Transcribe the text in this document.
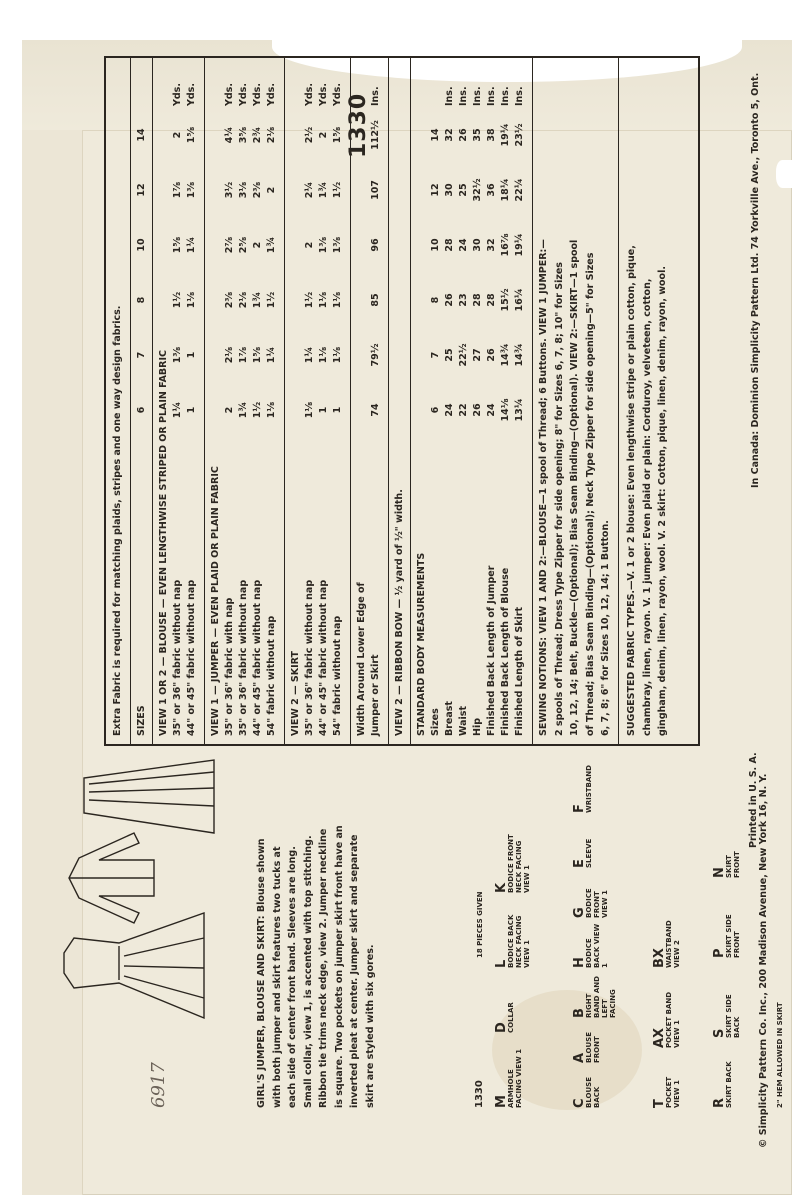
1330
6917	GIRL'S JUMPER, BLOUSE AND SKIRT: Blouse shown with both jumper and skirt features two tucks at each side of center front band. Sleeves are long. Small collar, view 1, is accented with top stitching. Ribbon tie trims neck edge, view 2. Jumper neckline is square. Two pockets on jumper skirt front have an inverted pleat at center. Jumper skirt and separate skirt are styled with six gores.
18 PIECES GIVEN
1330 M
ARMHOLE FACING VIEW 1
D
COLLAR
L
BODICE BACK NECK FACING VIEW 1
K
BODICE FRONT NECK FACING VIEW 1
C
BLOUSE BACK
A
BLOUSE FRONT
B
RIGHT BAND AND LEFT FACING
H
BODICE BACK VIEW 1
G
BODICE FRONT VIEW 1
E
SLEEVE
F
WRISTBAND
T
POCKET VIEW 1
AX
POCKET BAND VIEW 1
BX
WAISTBAND VIEW 2
R
SKIRT BACK
S
SKIRT SIDE BACK
P
SKIRT SIDE FRONT
N
SKIRT FRONT
2" HEM ALLOWED IN SKIRT
Printed in U. S. A. © Simplicity Pattern Co. Inc., 200 Madison Avenue, New York 16, N. Y.
In Canada: Dominion Simplicity Pattern Ltd. 74 Yorkville Ave., Toronto 5, Ont.
Extra Fabric is required for matching plaids, stripes and one way design fabrics. SIZES
6
7
8
10
12
14
VIEW 1 OR 2 — BLOUSE — EVEN LENGTHWISE STRIPED OR PLAIN FABRIC 35" or 36" fabric without nap
1¼
1⅜
1½
1⅝
1⅞
2
Yds.
44" or 45" fabric without nap
1
1
1⅛
1¼
1⅜
1⅝
Yds.
VIEW 1 — JUMPER — EVEN PLAID OR PLAIN FABRIC 35" or 36" fabric with nap
2
2⅛
2⅜
2⅞
3½
4¼
Yds.
35" or 36" fabric without nap
1¾
1⅞
2⅛
2⅝
3⅛
3⅝
Yds.
44" or 45" fabric without nap
1½
1⅝
1¾
2
2⅜
2¾
Yds.
54" fabric without nap
1⅛
1¼
1½
1¾
2
2⅛
Yds.
VIEW 2 — SKIRT 35" or 36" fabric without nap
1⅛
1¼
1½
2
2¼
2½
Yds.
44" or 45" fabric without nap
1
1⅛
1⅛
1⅜
1¾
2
Yds.
54" fabric without nap
1
1⅛
1⅛
1⅜
1½
1⅝
Yds.
Width Around Lower Edge of Jumper or Skirt
74
79½
85
96
107
112½
Ins.
VIEW 2 — RIBBON BOW — ½ yard of ½" width. STANDARD BODY MEASUREMENTS Sizes
6
7
8
10
12
14
Breast
24
25
26
28
30
32
Ins.
Waist
22
22½
23
24
25
26
Ins.
Hip
26
27
28
30
32½
35
Ins.
Finished Back Length of Jumper
24
26
28
32
36
38
Ins.
Finished Back Length of Blouse
14⅛
14¾
15½
16⅞
18¼
19¼
Ins.
Finished Length of Skirt
13¼
14¾
16¼
19¼
22¼
23½
Ins.
SEWING NOTIONS: VIEW 1 AND 2:—BLOUSE—1 spool of Thread; 6 Buttons. VIEW 1 JUMPER:— 2 spools of Thread; Dress Type Zipper for side opening; 8" for Sizes 6, 7, 8; 10" for Sizes 10, 12, 14; Belt, Buckle—(Optional); Bias Seam Binding—(Optional). VIEW 2:—SKIRT—1 spool of Thread; Bias Seam Binding—(Optional); Neck Type Zipper for side opening—5" for Sizes 6, 7, 8; 6" for Sizes 10, 12, 14; 1 Button. SUGGESTED FABRIC TYPES.—V. 1 or 2 blouse: Even lengthwise stripe or plain cotton, pique, chambray, linen, rayon. V. 1 jumper: Even plaid or plain: Corduroy, velveteen, cotton, gingham, denim, linen, rayon, wool. V. 2 skirt: Cotton, pique, linen, denim, rayon, wool.
